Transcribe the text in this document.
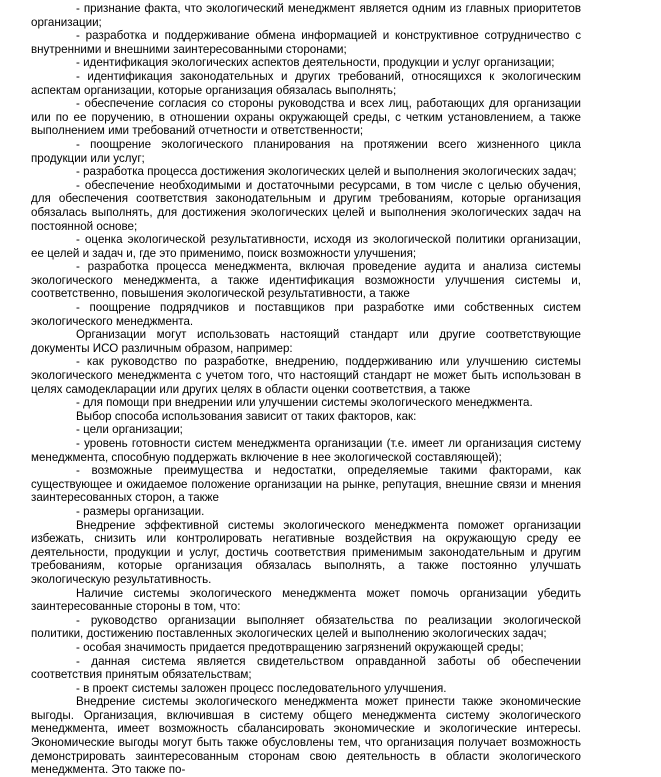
- признание факта, что экологический менеджмент является одним из главных приоритетов организации;

- разработка и поддерживание обмена информацией и конструктивное сотрудничество с внутренними и внешними заинтересованными сторонами;

- идентификация экологических аспектов деятельности, продукции и услуг организации;

- идентификация законодательных и других требований, относящихся к экологическим аспектам организации, которые организация обязалась выполнять;

- обеспечение согласия со стороны руководства и всех лиц, работающих для организации или по ее поручению, в отношении охраны окружающей среды, с четким установлением, а также выполнением ими требований отчетности и ответственности;

- поощрение экологического планирования на протяжении всего жизненного цикла продукции или услуг;

- разработка процесса достижения экологических целей и выполнения экологических задач;

- обеспечение необходимыми и достаточными ресурсами, в том числе с целью обучения, для обеспечения соответствия законодательным и другим требованиям, которые организация обязалась выполнять, для достижения экологических целей и выполнения экологических задач на постоянной основе;

- оценка экологической результативности, исходя из экологической политики организации, ее целей и задач и, где это применимо, поиск возможности улучшения;

- разработка процесса менеджмента, включая проведение аудита и анализа системы экологического менеджмента, а также идентификация возможности улучшения системы и, соответственно, повышения экологической результативности, а также

- поощрение подрядчиков и поставщиков при разработке ими собственных систем экологического менеджмента.

Организации могут использовать настоящий стандарт или другие соответствующие документы ИСО различным образом, например:

- как руководство по разработке, внедрению, поддерживанию или улучшению системы экологического менеджмента с учетом того, что настоящий стандарт не может быть использован в целях самодекларации или других целях в области оценки соответствия, а также

- для помощи при внедрении или улучшении системы экологического менеджмента.

Выбор способа использования зависит от таких факторов, как:

- цели организации;

- уровень готовности систем менеджмента организации (т.е. имеет ли организация систему менеджмента, способную поддержать включение в нее экологической составляющей);

- возможные преимущества и недостатки, определяемые такими факторами, как существующее и ожидаемое положение организации на рынке, репутация, внешние связи и мнения заинтересованных сторон, а также

- размеры организации.

Внедрение эффективной системы экологического менеджмента поможет организации избежать, снизить или контролировать негативные воздействия на окружающую среду ее деятельности, продукции и услуг, достичь соответствия применимым законодательным и другим требованиям, которые организация обязалась выполнять, а также постоянно улучшать экологическую результативность.

Наличие системы экологического менеджмента может помочь организации убедить заинтересованные стороны в том, что:

- руководство организации выполняет обязательства по реализации экологической политики, достижению поставленных экологических целей и выполнению экологических задач;

- особая значимость придается предотвращению загрязнений окружающей среды;

- данная система является свидетельством оправданной заботы об обеспечении соответствия принятым обязательствам;

- в проект системы заложен процесс последовательного улучшения.

Внедрение системы экологического менеджмента может принести также экономические выгоды. Организация, включившая в систему общего менеджмента систему экологического менеджмента, имеет возможность сбалансировать экономические и экологические интересы. Экономические выгоды могут быть также обусловлены тем, что организация получает возможность демонстрировать заинтересованным сторонам свою деятельность в области экологического менеджмента. Это также по-
